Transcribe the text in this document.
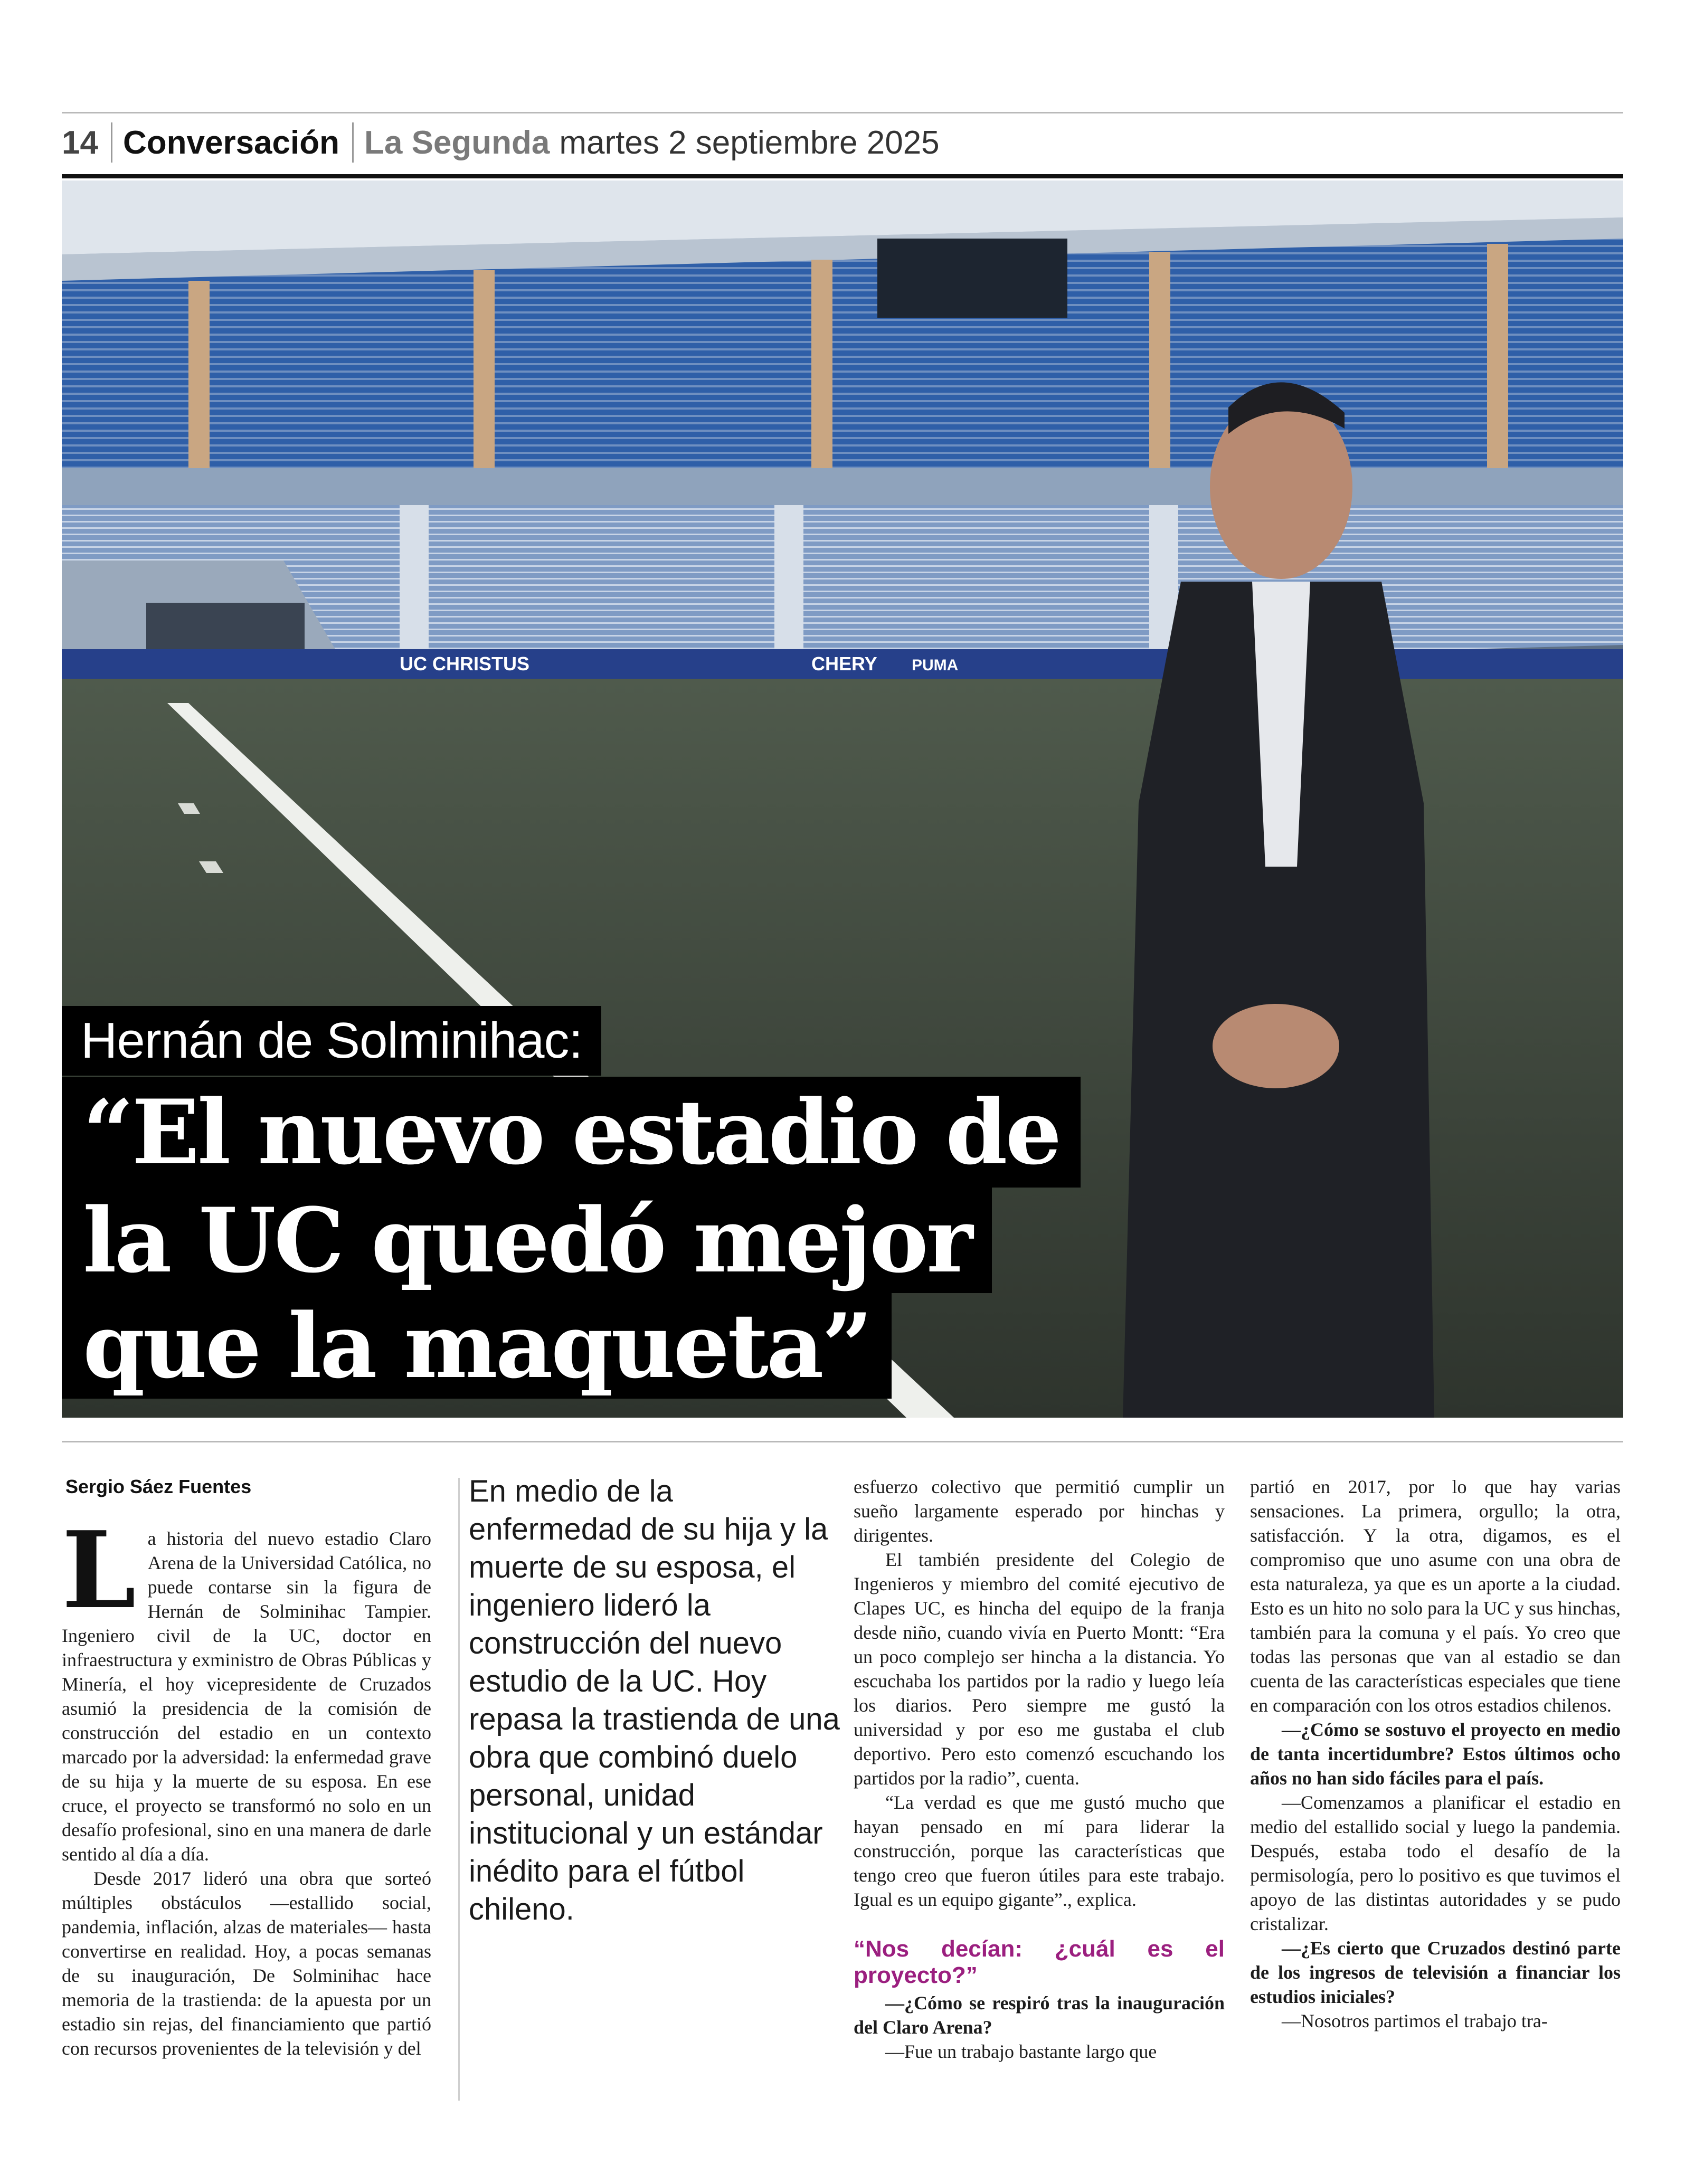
14 Conversación La Segunda martes 2 septiembre 2025
UC CHRISTUS	CHERY PUMA
Hernán de Solminihac:
“El nuevo estadio de
la UC quedó mejor
que la maqueta”
Sergio Sáez Fuentes
L a historia del nuevo estadio Claro Arena de la Universidad Católica, no puede contarse sin la figura de Hernán de Solminihac Tampier. Ingeniero civil de la UC, doctor en infraestructura y exministro de Obras Públicas y Minería, el hoy vicepresidente de Cruzados asumió la presidencia de la comisión de construcción del estadio en un contexto marcado por la adversidad: la enfermedad grave de su hija y la muerte de su esposa. En ese cruce, el proyecto se transformó no solo en un desafío profesional, sino en una manera de darle sentido al día a día.

Desde 2017 lideró una obra que sorteó múltiples obstáculos —estallido social, pandemia, inflación, alzas de materiales— hasta convertirse en realidad. Hoy, a pocas semanas de su inauguración, De Solminihac hace memoria de la trastienda: de la apuesta por un estadio sin rejas, del financiamiento que partió con recursos provenientes de la televisión y del

En medio de la enfermedad de su hija y la muerte de su esposa, el ingeniero lideró la construcción del nuevo estudio de la UC. Hoy repasa la trastienda de una obra que combinó duelo personal, unidad institucional y un estándar inédito para el fútbol chileno.

esfuerzo colectivo que permitió cumplir un sueño largamente esperado por hinchas y dirigentes.

El también presidente del Colegio de Ingenieros y miembro del comité ejecutivo de Clapes UC, es hincha del equipo de la franja desde niño, cuando vivía en Puerto Montt: “Era un poco complejo ser hincha a la distancia. Yo escuchaba los partidos por la radio y luego leía los diarios. Pero siempre me gustó la universidad y por eso me gustaba el club deportivo. Pero esto comenzó escuchando los partidos por la radio”, cuenta.

“La verdad es que me gustó mucho que hayan pensado en mí para liderar la construcción, porque las características que tengo creo que fueron útiles para este trabajo. Igual es un equipo gigante”., explica.

“Nos decían: ¿cuál es el proyecto?”

—¿Cómo se respiró tras la inauguración del Claro Arena?

—Fue un trabajo bastante largo que

partió en 2017, por lo que hay varias sensaciones. La primera, orgullo; la otra, satisfacción. Y la otra, digamos, es el compromiso que uno asume con una obra de esta naturaleza, ya que es un aporte a la ciudad. Esto es un hito no solo para la UC y sus hinchas, también para la comuna y el país. Yo creo que todas las personas que van al estadio se dan cuenta de las características especiales que tiene en comparación con los otros estadios chilenos.

—¿Cómo se sostuvo el proyecto en medio de tanta incertidumbre? Estos últimos ocho años no han sido fáciles para el país.

—Comenzamos a planificar el estadio en medio del estallido social y luego la pandemia. Después, estaba todo el desafío de la permisología, pero lo positivo es que tuvimos el apoyo de las distintas autoridades y se pudo cristalizar.

—¿Es cierto que Cruzados destinó parte de los ingresos de televisión a financiar los estudios iniciales?

—Nosotros partimos el trabajo tra-
